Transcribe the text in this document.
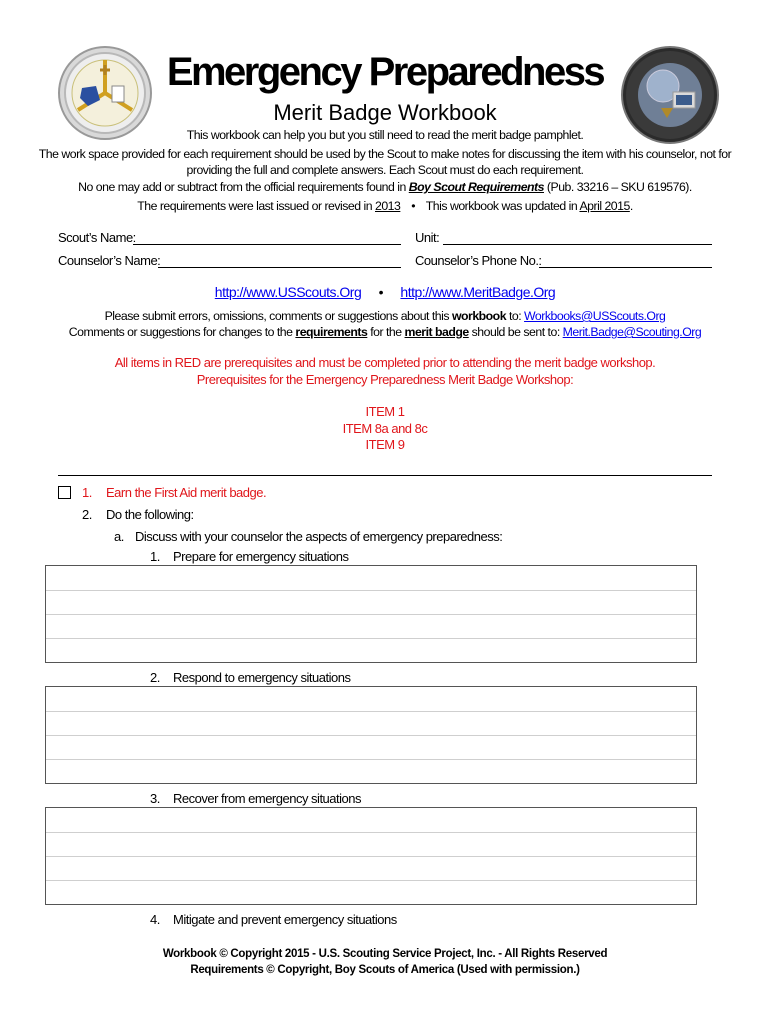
Emergency Preparedness
Merit Badge Workbook
This workbook can help you but you still need to read the merit badge pamphlet.
The work space provided for each requirement should be used by the Scout to make notes for discussing the item with his counselor, not for
providing the full and complete answers. Each Scout must do each requirement.
No one may add or subtract from the official requirements found in Boy Scout Requirements (Pub. 33216 – SKU 619576).
The requirements were last issued or revised in 2013 • This workbook was updated in April 2015.
Scout’s Name:	Unit:
Counselor’s Name:	Counselor’s Phone No.:
http://www.USScouts.Org • http://www.MeritBadge.Org
Please submit errors, omissions, comments or suggestions about this workbook to: Workbooks@USScouts.Org
Comments or suggestions for changes to the requirements for the merit badge should be sent to: Merit.Badge@Scouting.Org
All items in RED are prerequisites and must be completed prior to attending the merit badge workshop.
Prerequisites for the Emergency Preparedness Merit Badge Workshop:
ITEM 1
ITEM 8a and 8c
ITEM 9
1. Earn the First Aid merit badge.
2. Do the following:
a. Discuss with your counselor the aspects of emergency preparedness:
1. Prepare for emergency situations
2. Respond to emergency situations
3. Recover from emergency situations
4. Mitigate and prevent emergency situations
Workbook © Copyright 2015 - U.S. Scouting Service Project, Inc. - All Rights Reserved
Requirements © Copyright, Boy Scouts of America (Used with permission.)
